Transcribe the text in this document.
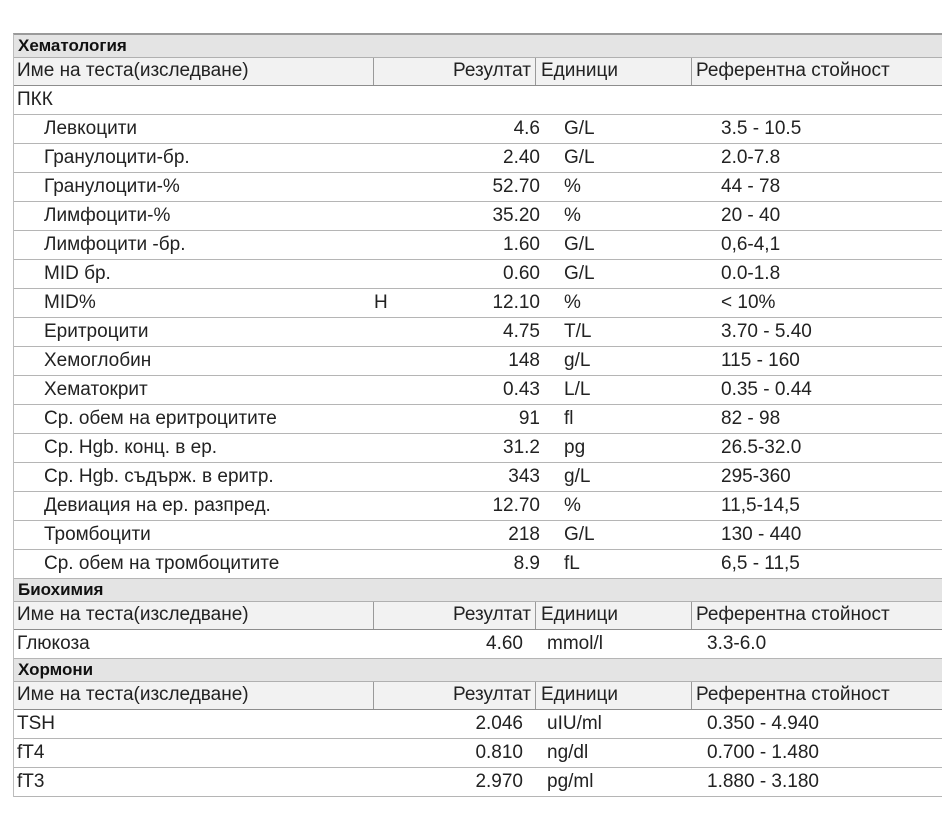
Хематология
Име на теста(изследване)	Резултат Единици	Референтна стойност
ПКК
Левкоцити	4.6	G/L	3.5 - 10.5
Гранулоцити-бр.	2.40	G/L	2.0-7.8
Гранулоцити-%	52.70	%	44 - 78
Лимфоцити-%	35.20	%	20 - 40
Лимфоцити -бр.	1.60	G/L	0,6-4,1
MID бр.	0.60	G/L	0.0-1.8
MID%	H	12.10	%	< 10%
Еритроцити	4.75	T/L	3.70 - 5.40
Хемоглобин	148	g/L	115 - 160
Хематокрит	0.43	L/L	0.35 - 0.44
Ср. обем на еритроцитите	91	fl	82 - 98
Ср. Hgb. конц. в ер.	31.2	pg	26.5-32.0
Ср. Hgb. съдърж. в еритр.	343	g/L	295-360
Девиация на ер. разпред.	12.70	%	11,5-14,5
Тромбоцити	218	G/L	130 - 440
Ср. обем на тромбоцитите	8.9	fL	6,5 - 11,5
Биохимия
Име на теста(изследване)	Резултат Единици	Референтна стойност
Глюкоза	4.60	mmol/l	3.3-6.0
Хормони
Име на теста(изследване)	Резултат Единици	Референтна стойност
TSH	2.046	uIU/ml	0.350 - 4.940
fT4	0.810	ng/dl	0.700 - 1.480
fT3	2.970	pg/ml	1.880 - 3.180
